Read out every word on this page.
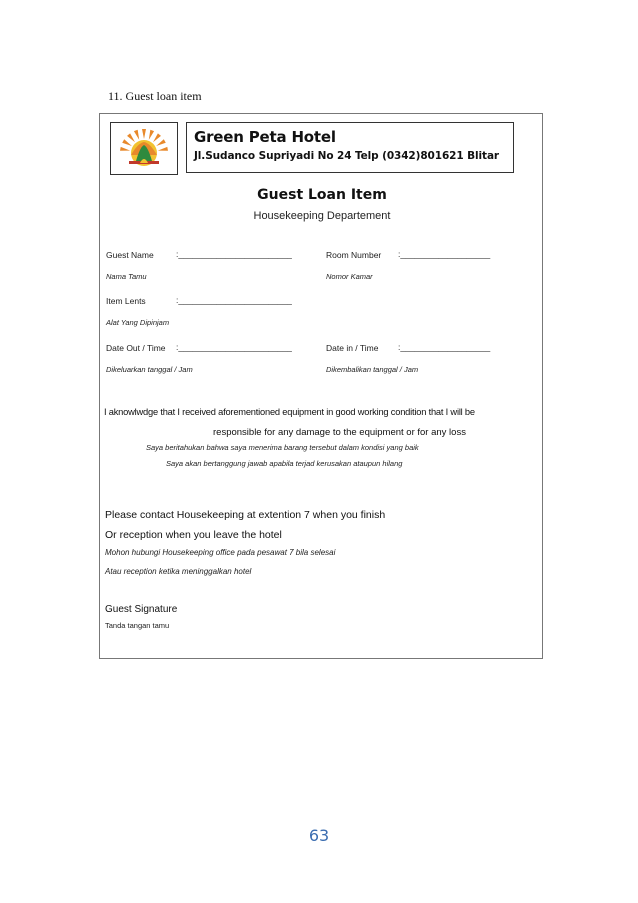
11. Guest loan item
Green Peta Hotel
Jl.Sudanco Supriyadi No 24 Telp (0342)801621 Blitar
Guest Loan Item
Housekeeping Departement
Guest Name	:________________________
Nama Tamu
Room Number :___________________
Nomor Kamar
Item Lents	:________________________
Alat Yang Dipinjam
Date Out / Time :________________________
Dikeluarkan tanggal / Jam
Date in / Time :___________________
Dikembalikan tanggal / Jam
I aknowlwdge that I received aforementioned equipment in good working condition that I will be
responsible for any damage to the equipment or for any loss
Saya beritahukan bahwa saya menerima barang tersebut dalam kondisi yang baik
Saya akan bertanggung jawab apabila terjad kerusakan ataupun hilang
Please contact Housekeeping at extention 7 when you finish
Or reception when you leave the hotel
Mohon hubungi Housekeeping office pada pesawat 7 bila selesai
Atau reception ketika meninggalkan hotel
Guest Signature
Tanda tangan tamu
63
